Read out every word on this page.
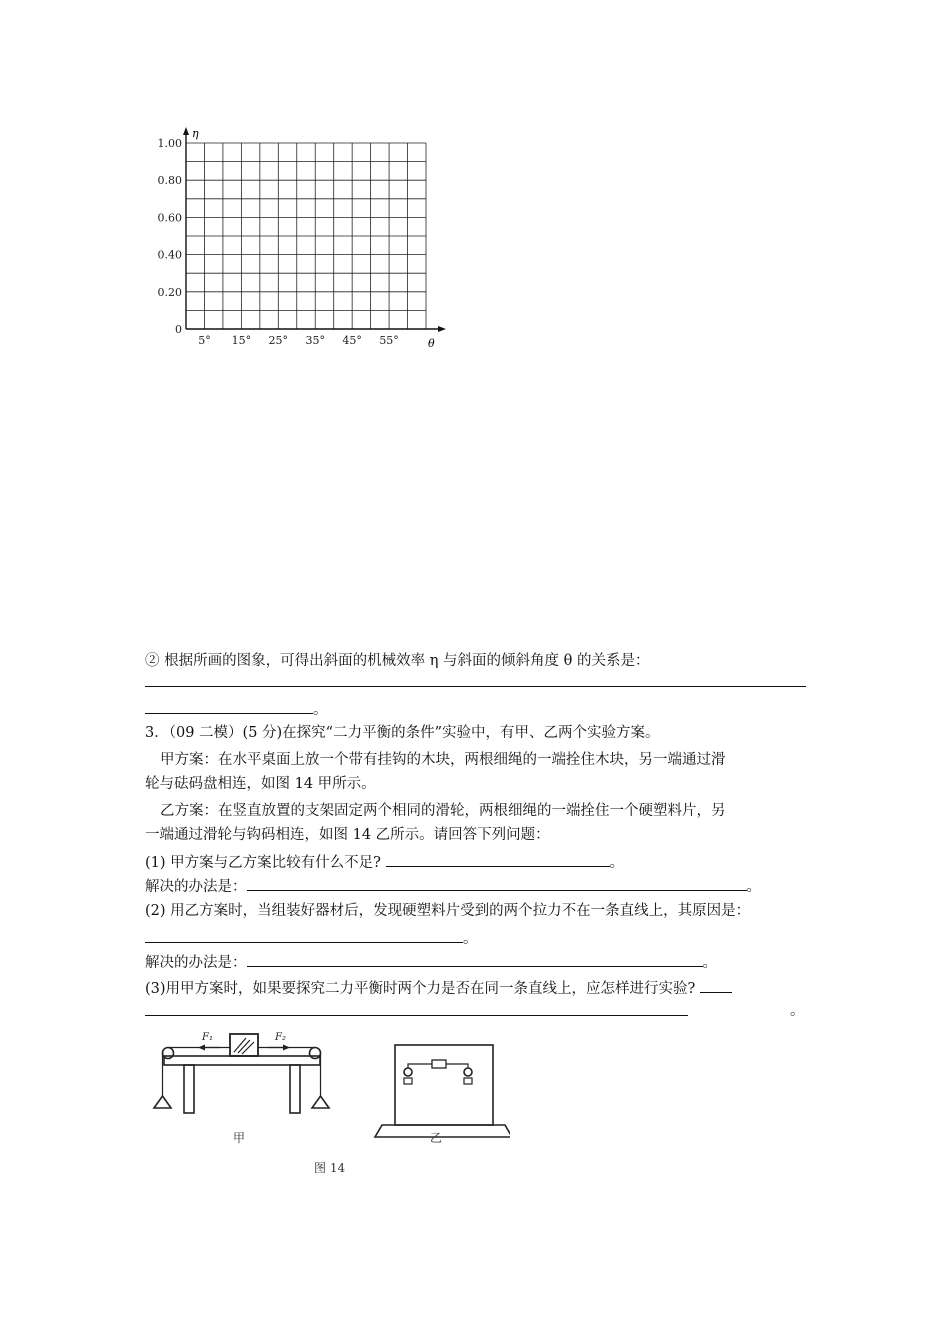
η
θ
1.00
0.80
0.60
0.40
0.20
0
5° 15° 25° 35° 45° 55°
② 根据所画的图象，可得出斜面的机械效率 η 与斜面的倾斜角度 θ 的关系是：
。
3．（09 二模）(5 分)在探究“二力平衡的条件”实验中，有甲、乙两个实验方案。
甲方案：在水平桌面上放一个带有挂钩的木块，两根细绳的一端拴住木块，另一端通过滑
轮与砝码盘相连，如图 14 甲所示。
乙方案：在竖直放置的支架固定两个相同的滑轮，两根细绳的一端拴住一个硬塑料片，另
一端通过滑轮与钩码相连，如图 14 乙所示。请回答下列问题：
(1) 甲方案与乙方案比较有什么不足?	。
解决的办法是：	。
(2) 用乙方案时，当组装好器材后，发现硬塑料片受到的两个拉力不在一条直线上，其原因是：
。
解决的办法是：	。
(3)用甲方案时，如果要探究二力平衡时两个力是否在同一条直线上，应怎样进行实验?
。
F₁	F₂
甲	乙
图 14
